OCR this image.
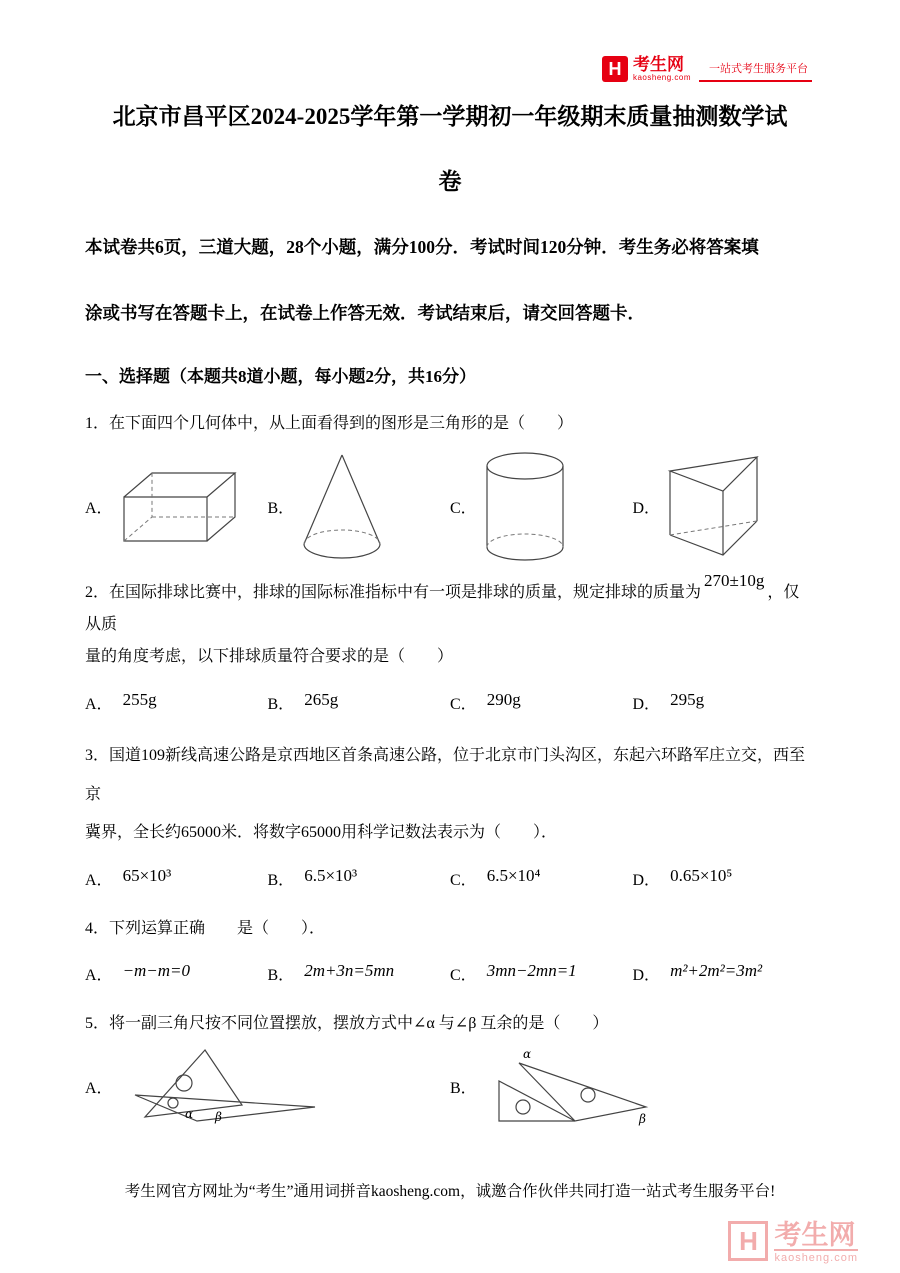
H 考生网
kaosheng.com
一站式考生服务平台
北京市昌平区2024-2025学年第一学期初一年级期末质量抽测数学试
卷

本试卷共6页，三道大题，28个小题，满分100分．考试时间120分钟．考生务必将答案填

涂或书写在答题卡上，在试卷上作答无效．考试结束后，请交回答题卡．

一、选择题（本题共8道小题，每小题2分，共16分）

1．在下面四个几何体中，从上面看得到的图形是三角形的是（　　）

A．	B．	C．	D．

2．在国际排球比赛中，排球的国际标准指标中有一项是排球的质量，规定排球的质量为270±10g，仅从质
量的角度考虑，以下排球质量符合要求的是（　　）

A． 255g	B． 265g	C． 290g	D． 295g

3．国道109新线高速公路是京西地区首条高速公路，位于北京市门头沟区，东起六环路军庄立交，西至京
冀界，全长约65000米．将数字65000用科学记数法表示为（　　）．

A． 65×10³	B． 6.5×10³	C． 6.5×10⁴	D． 0.65×10⁵

4．下列运算正确　　是（　　）．

A． −m−m=0	B． 2m+3n=5mn	C． 3mn−2mn=1	D． m²+2m²=3m²

5．将一副三角尺按不同位置摆放，摆放方式中∠α 与∠β 互余的是（　　）

A．
α β
B．
α
β

考生网官方网址为“考生”通用词拼音kaosheng.com，诚邀合作伙伴共同打造一站式考生服务平台!

H 考生网
kaosheng.com
